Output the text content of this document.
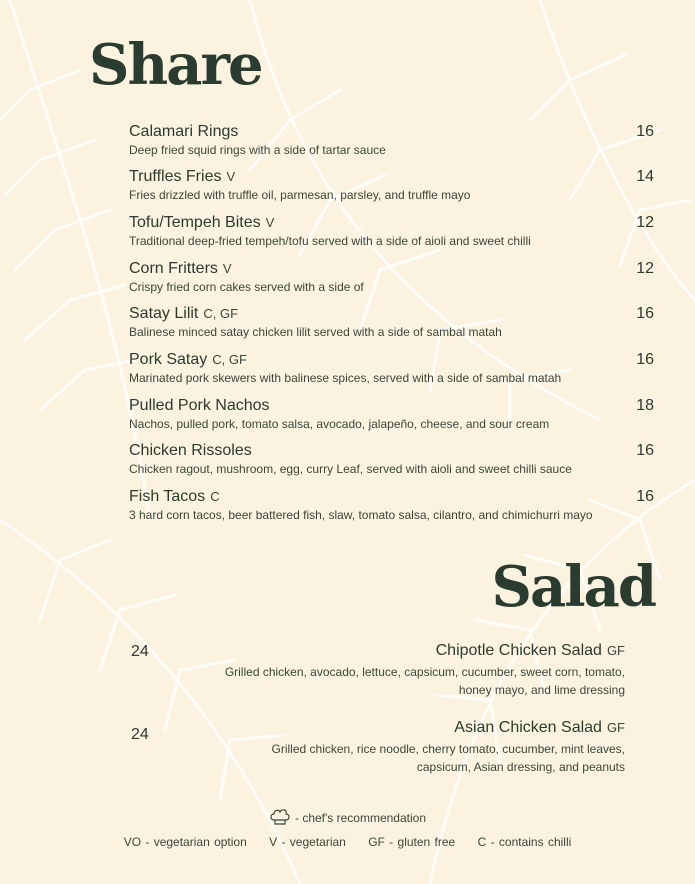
Share
Calamari Rings	16
Deep fried squid rings with a side of tartar sauce
Truffles Fries V	14
Fries drizzled with truffle oil, parmesan, parsley, and truffle mayo
Tofu/Tempeh Bites V	12
Traditional deep-fried tempeh/tofu served with a side of aioli and sweet chilli
Corn Fritters V	12
Crispy fried corn cakes served with a side of
Satay Lilit C, GF	16
Balinese minced satay chicken lilit served with a side of sambal matah
Pork Satay C, GF	16
Marinated pork skewers with balinese spices, served with a side of sambal matah
Pulled Pork Nachos	18
Nachos, pulled pork, tomato salsa, avocado, jalapeño, cheese, and sour cream
Chicken Rissoles	16
Chicken ragout, mushroom, egg, curry Leaf, served with aioli and sweet chilli sauce
Fish Tacos C	16
3 hard corn tacos, beer battered fish, slaw, tomato salsa, cilantro, and chimichurri mayo
Salad
24	Chipotle Chicken Salad GF
Grilled chicken, avocado, lettuce, capsicum, cucumber, sweet corn, tomato,
honey mayo, and lime dressing
24	Asian Chicken Salad GF
Grilled chicken, rice noodle, cherry tomato, cucumber, mint leaves,
capsicum, Asian dressing, and peanuts
- chef's recommendation
VO - vegetarian option V - vegetarian GF - gluten free C - contains chilli
